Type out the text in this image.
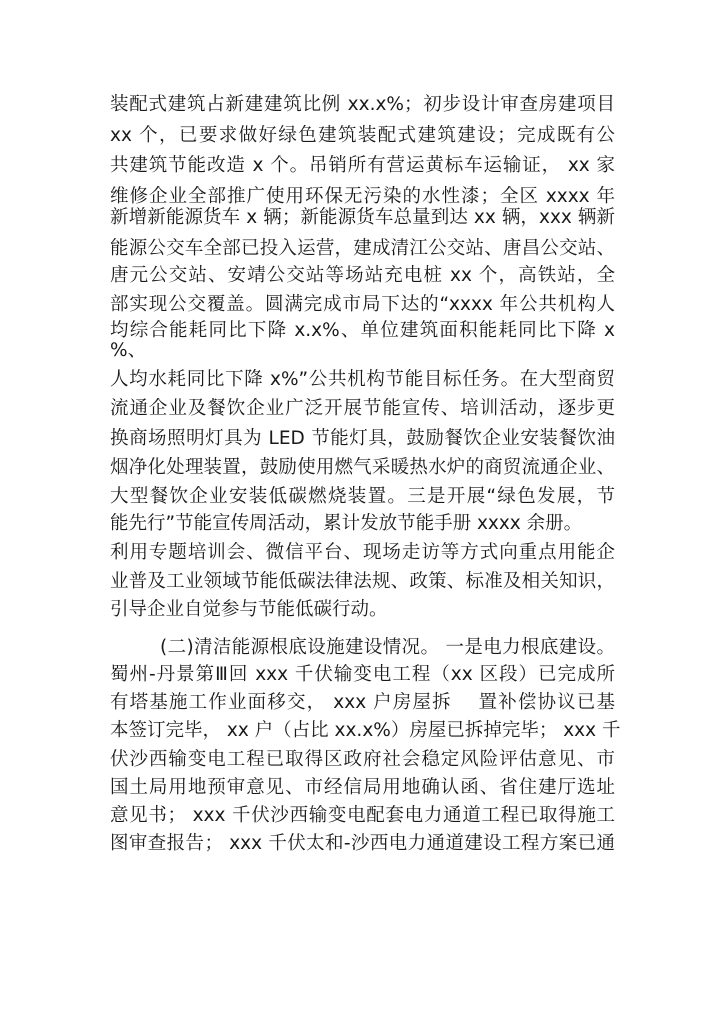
装配式建筑占新建建筑比例 xx.x%；初步设计审查房建项目
xx 个，已要求做好绿色建筑装配式建筑建设；完成既有公
共建筑节能改造 x 个。吊销所有营运黄标车运输证， xx 家
维修企业全部推广使用环保无污染的水性漆；全区 xxxx 年
新增新能源货车 x 辆；新能源货车总量到达 xx 辆，xxx 辆新
能源公交车全部已投入运营，建成清江公交站、唐昌公交站、
唐元公交站、安靖公交站等场站充电桩 xx 个，高铁站，全
部实现公交覆盖。圆满完成市局下达的“xxxx 年公共机构人
均综合能耗同比下降 x.x%、单位建筑面积能耗同比下降 x
%、
人均水耗同比下降 x%”公共机构节能目标任务。在大型商贸
流通企业及餐饮企业广泛开展节能宣传、培训活动，逐步更
换商场照明灯具为 LED 节能灯具，鼓励餐饮企业安装餐饮油
烟净化处理装置，鼓励使用燃气采暖热水炉的商贸流通企业、
大型餐饮企业安装低碳燃烧装置。三是开展“绿色发展，节
能先行”节能宣传周活动，累计发放节能手册 xxxx 余册。
利用专题培训会、微信平台、现场走访等方式向重点用能企
业普及工业领域节能低碳法律法规、政策、标准及相关知识，
引导企业自觉参与节能低碳行动。
(二)清洁能源根底设施建设情况。 一是电力根底建设。
蜀州-丹景第Ⅲ回 xxx 千伏输变电工程（xx 区段）已完成所
有塔基施工作业面移交， xxx 户房屋拆　 置补偿协议已基
本签订完毕， xx 户（占比 xx.x%）房屋已拆掉完毕； xxx 千
伏沙西输变电工程已取得区政府社会稳定风险评估意见、市
国土局用地预审意见、市经信局用地确认函、省住建厅选址
意见书； xxx 千伏沙西输变电配套电力通道工程已取得施工
图审查报告； xxx 千伏太和-沙西电力通道建设工程方案已通
